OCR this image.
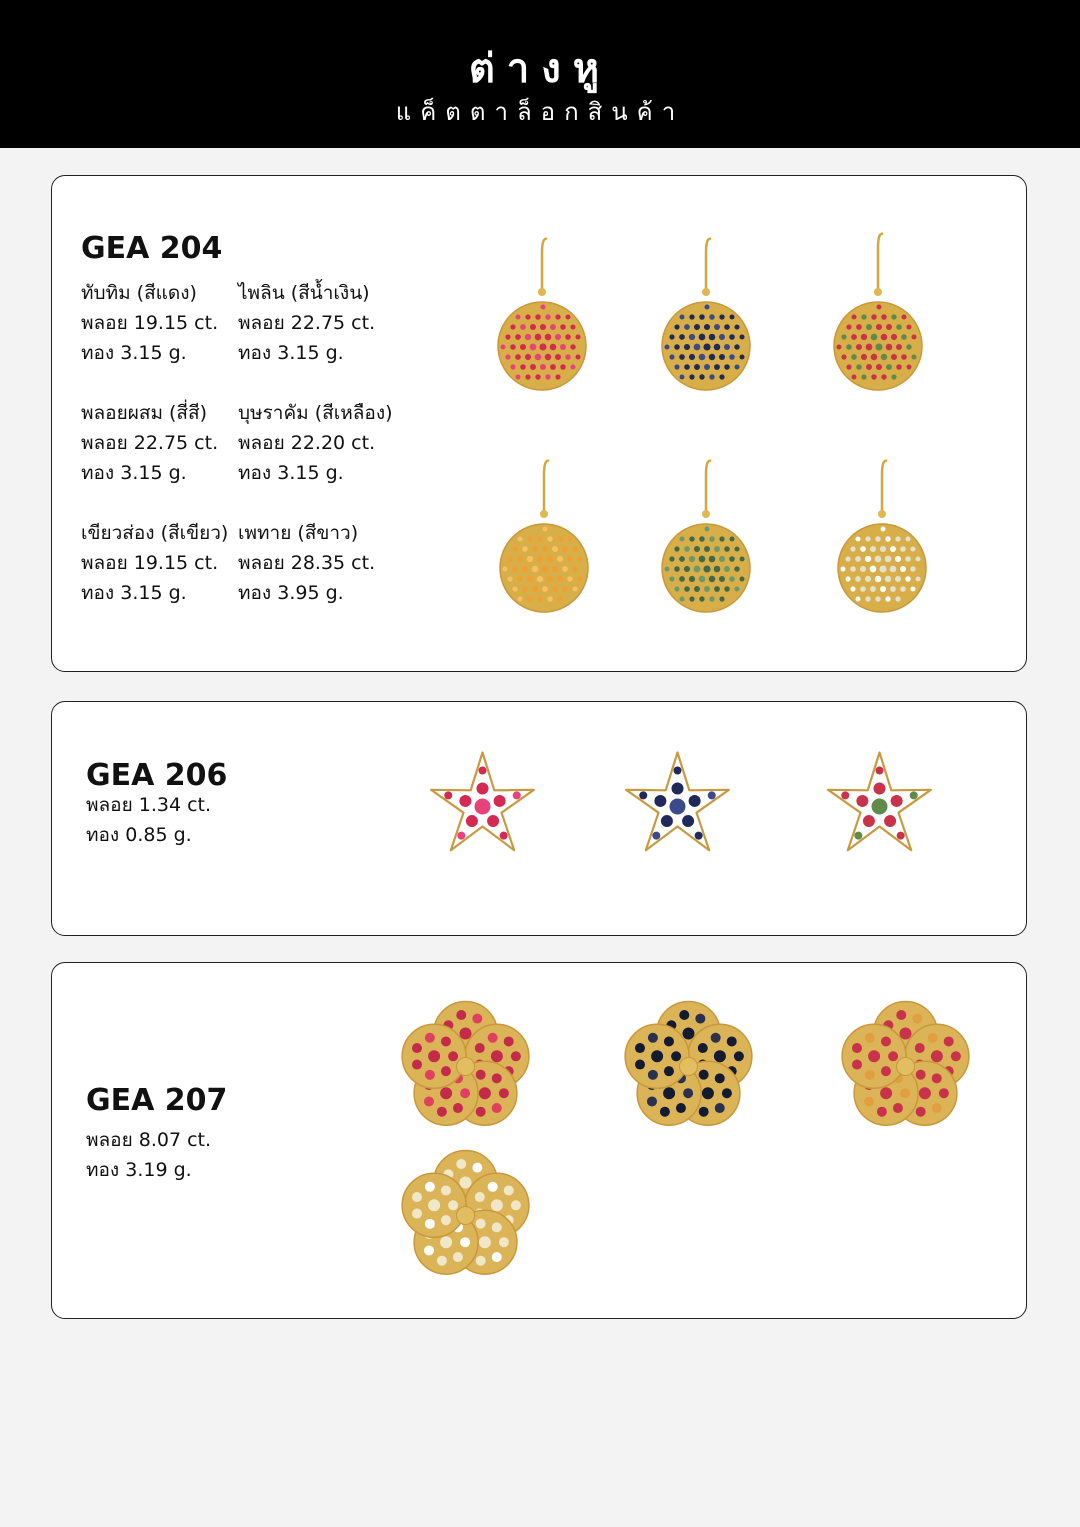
ต่างหู
แค็ตตาล็อกสินค้า
GEA 204
ทับทิม (สีแดง)
พลอย 19.15 ct.
ทอง 3.15 g.
ไพลิน (สีน้ำเงิน)
พลอย 22.75 ct.
ทอง 3.15 g.
พลอยผสม (สี่สี)
พลอย 22.75 ct.
ทอง 3.15 g.
บุษราคัม (สีเหลือง)
พลอย 22.20 ct.
ทอง 3.15 g.
เขียวส่อง (สีเขียว)
พลอย 19.15 ct.
ทอง 3.15 g.
เพทาย (สีขาว)
พลอย 28.35 ct.
ทอง 3.95 g.
GEA 206
พลอย 1.34 ct.
ทอง 0.85 g.
GEA 207
พลอย 8.07 ct.
ทอง 3.19 g.
